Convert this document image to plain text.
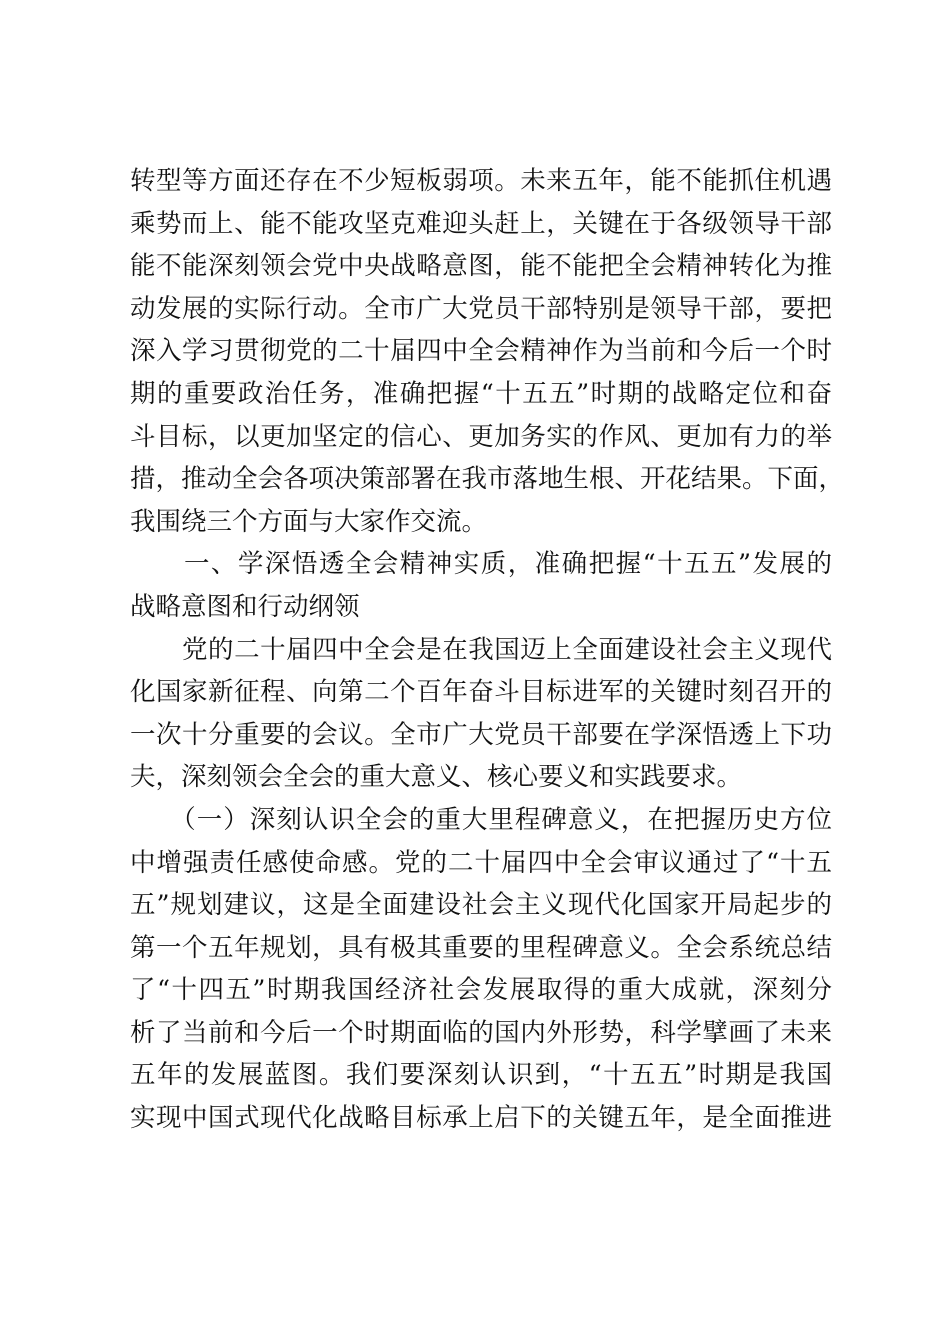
转型等方面还存在不少短板弱项。未来五年，能不能抓住机遇
乘势而上、能不能攻坚克难迎头赶上，关键在于各级领导干部
能不能深刻领会党中央战略意图，能不能把全会精神转化为推
动发展的实际行动。全市广大党员干部特别是领导干部，要把
深入学习贯彻党的二十届四中全会精神作为当前和今后一个时
期的重要政治任务，准确把握“十五五”时期的战略定位和奋
斗目标，以更加坚定的信心、更加务实的作风、更加有力的举
措，推动全会各项决策部署在我市落地生根、开花结果。下面，
我围绕三个方面与大家作交流。
　　一、学深悟透全会精神实质，准确把握“十五五”发展的
战略意图和行动纲领
　　党的二十届四中全会是在我国迈上全面建设社会主义现代
化国家新征程、向第二个百年奋斗目标进军的关键时刻召开的
一次十分重要的会议。全市广大党员干部要在学深悟透上下功
夫，深刻领会全会的重大意义、核心要义和实践要求。
　　（一）深刻认识全会的重大里程碑意义，在把握历史方位
中增强责任感使命感。党的二十届四中全会审议通过了“十五
五”规划建议，这是全面建设社会主义现代化国家开局起步的
第一个五年规划，具有极其重要的里程碑意义。全会系统总结
了“十四五”时期我国经济社会发展取得的重大成就，深刻分
析了当前和今后一个时期面临的国内外形势，科学擘画了未来
五年的发展蓝图。我们要深刻认识到，“十五五”时期是我国
实现中国式现代化战略目标承上启下的关键五年，是全面推进
